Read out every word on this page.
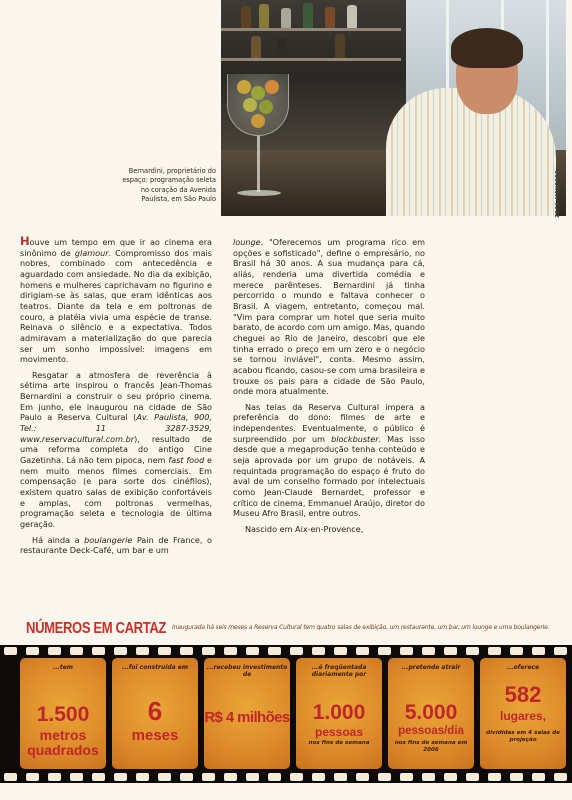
ZECA MENESES
Bernardini, proprietário do
espaço: programação seleta
no coração da Avenida
Paulista, em São Paulo

Houve um tempo em que ir ao cinema era sinônimo de glamour. Compromisso dos mais nobres, combinado com antecedência e aguardado com ansiedade. No dia da exibição, homens e mulheres caprichavam no figurino e dirigiam-se às salas, que eram idênticas aos teatros. Diante da tela e em poltronas de couro, a platéia vivia uma espécie de transe. Reinava o silêncio e a expectativa. Todos admiravam a materialização do que parecia ser um sonho impossível: imagens em movimento.

Resgatar a atmosfera de reverência à sétima arte inspirou o francês Jean-Thomas Bernardini a construir o seu próprio cinema. Em junho, ele inaugurou na cidade de São Paulo a Reserva Cultural (Av. Paulista, 900, Tel.: 11 3287-3529, www.reservacultural.com.br), resultado de uma reforma completa do antigo Cine Gazetinha. Lá não tem pipoca, nem fast food e nem muito menos filmes comerciais. Em compensação (e para sorte dos cinéfilos), existem quatro salas de exibição confortáveis e amplas, com poltronas vermelhas, programação seleta e tecnologia de última geração.

Há ainda a boulangerie Pain de France, o restaurante Deck-Café, um bar e um

lounge. "Oferecemos um programa rico em opções e sofisticado", define o empresário, no Brasil há 30 anos. A sua mudança para cá, aliás, renderia uma divertida comédia e merece parênteses. Bernardini já tinha percorrido o mundo e faltava conhecer o Brasil. A viagem, entretanto, começou mal. "Vim para comprar um hotel que seria muito barato, de acordo com um amigo. Mas, quando cheguei ao Rio de Janeiro, descobri que ele tinha errado o preço em um zero e o negócio se tornou inviável", conta. Mesmo assim, acabou ficando, casou-se com uma brasileira e trouxe os pais para a cidade de São Paulo, onde mora atualmente.

Nas telas da Reserva Cultural impera a preferência do dono: filmes de arte e independentes. Eventualmente, o público é surpreendido por um blockbuster. Mas isso desde que a megaprodução tenha conteúdo e seja aprovada por um grupo de notáveis. A requintada programação do espaço é fruto do aval de um conselho formado por intelectuais como Jean-Claude Bernardet, professor e crítico de cinema, Emmanuel Araújo, diretor do Museu Afro Brasil, entre outros.

Nascido em Aix-en-Provence,

NÚMEROS EM CARTAZ Inaugurada há seis meses a Reserva Cultural tem quatro salas de exibição, um restaurante, um bar, um lounge e uma boulangerie.
...tem
1.500
metros quadrados
...foi construída em
6
meses
...recebeu investimento de
R$ 4 milhões
...é freqüentada diariamente por
1.000
pessoas
nos fins de semana
...pretende atrair
5.000
pessoas/dia
nos fins de semana em 2006
...oferece
582
lugares,
divididas em 4 salas de projeção
